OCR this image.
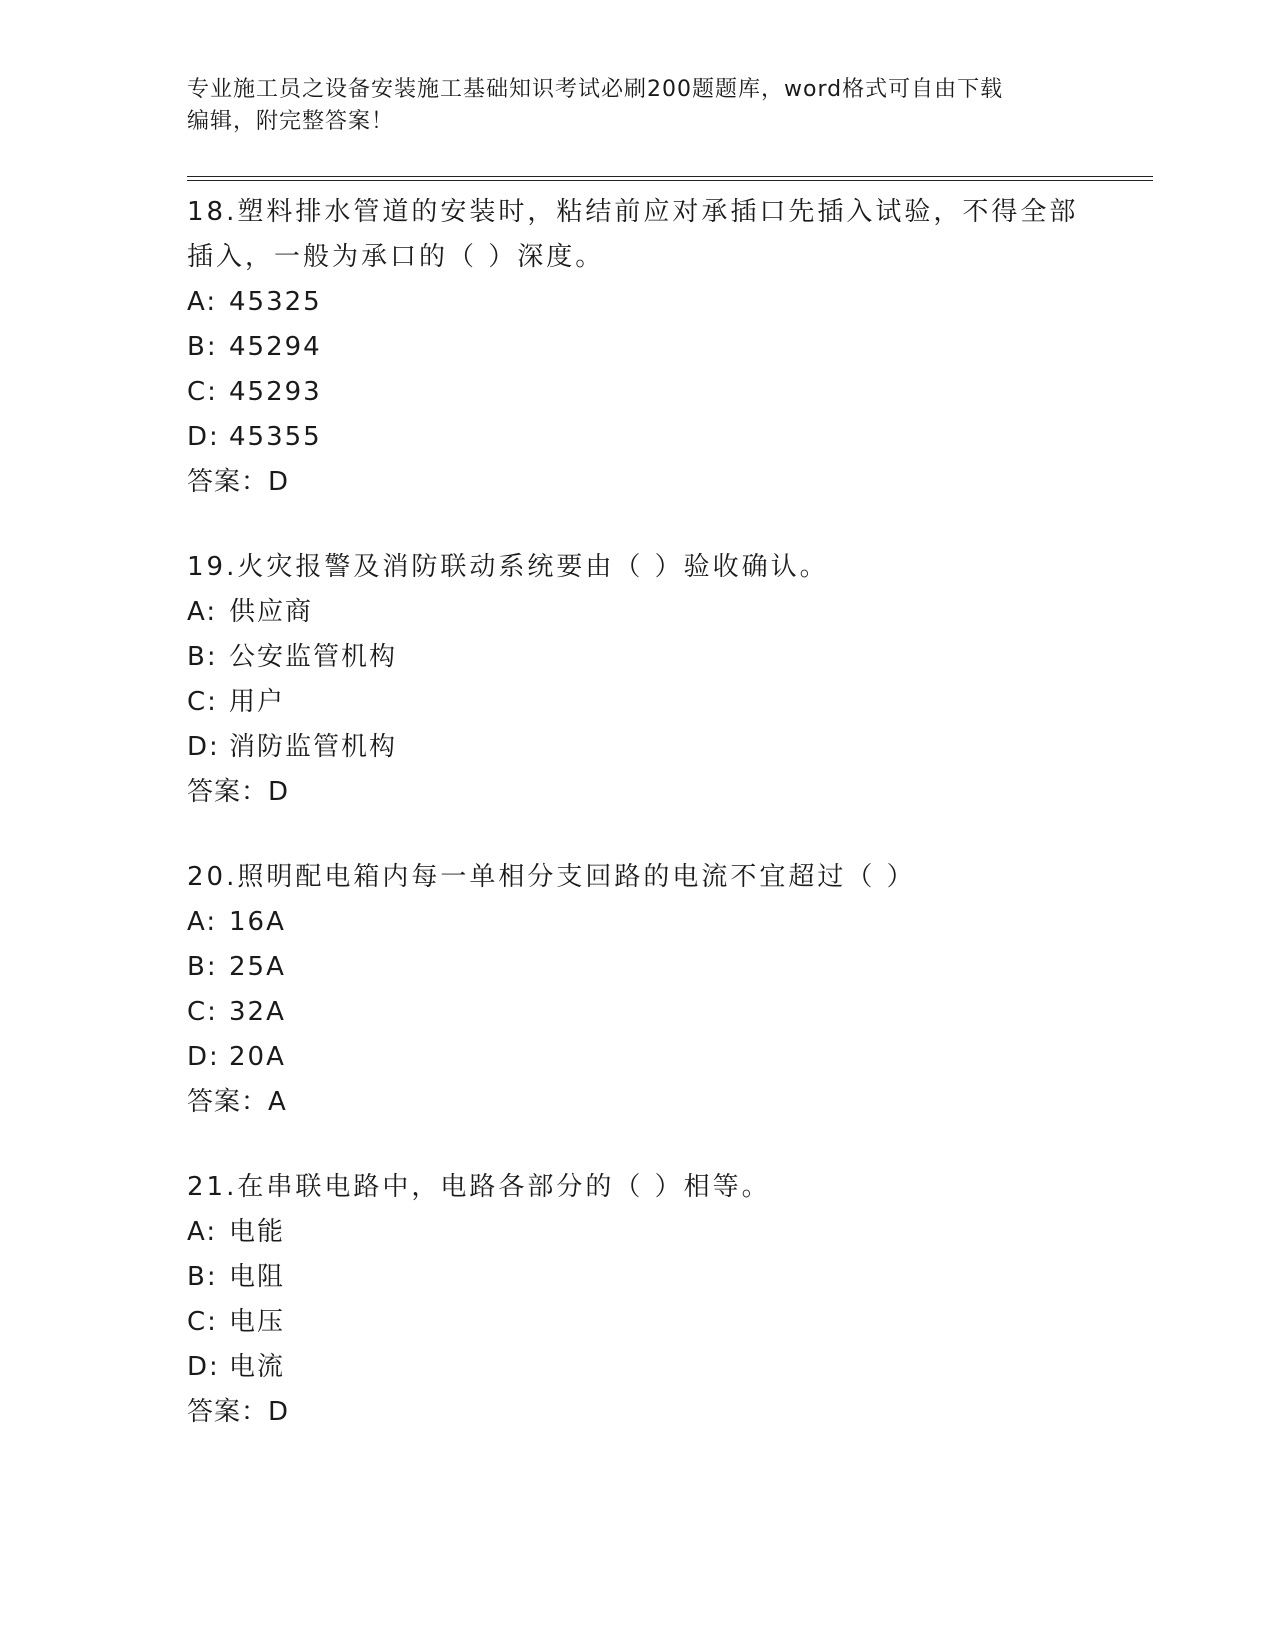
专业施工员之设备安装施工基础知识考试必刷200题题库，word格式可自由下载
编辑，附完整答案！

18.塑料排水管道的安装时，粘结前应对承插口先插入试验，不得全部

插入，一般为承口的（ ）深度。

A: 45325

B: 45294

C: 45293

D: 45355

答案：D

19.火灾报警及消防联动系统要由（ ）验收确认。

A: 供应商

B: 公安监管机构

C: 用户

D: 消防监管机构

答案：D

20.照明配电箱内每一单相分支回路的电流不宜超过（ ）

A: 16A

B: 25A

C: 32A

D: 20A

答案：A

21.在串联电路中，电路各部分的（ ）相等。

A: 电能

B: 电阻

C: 电压

D: 电流

答案：D
